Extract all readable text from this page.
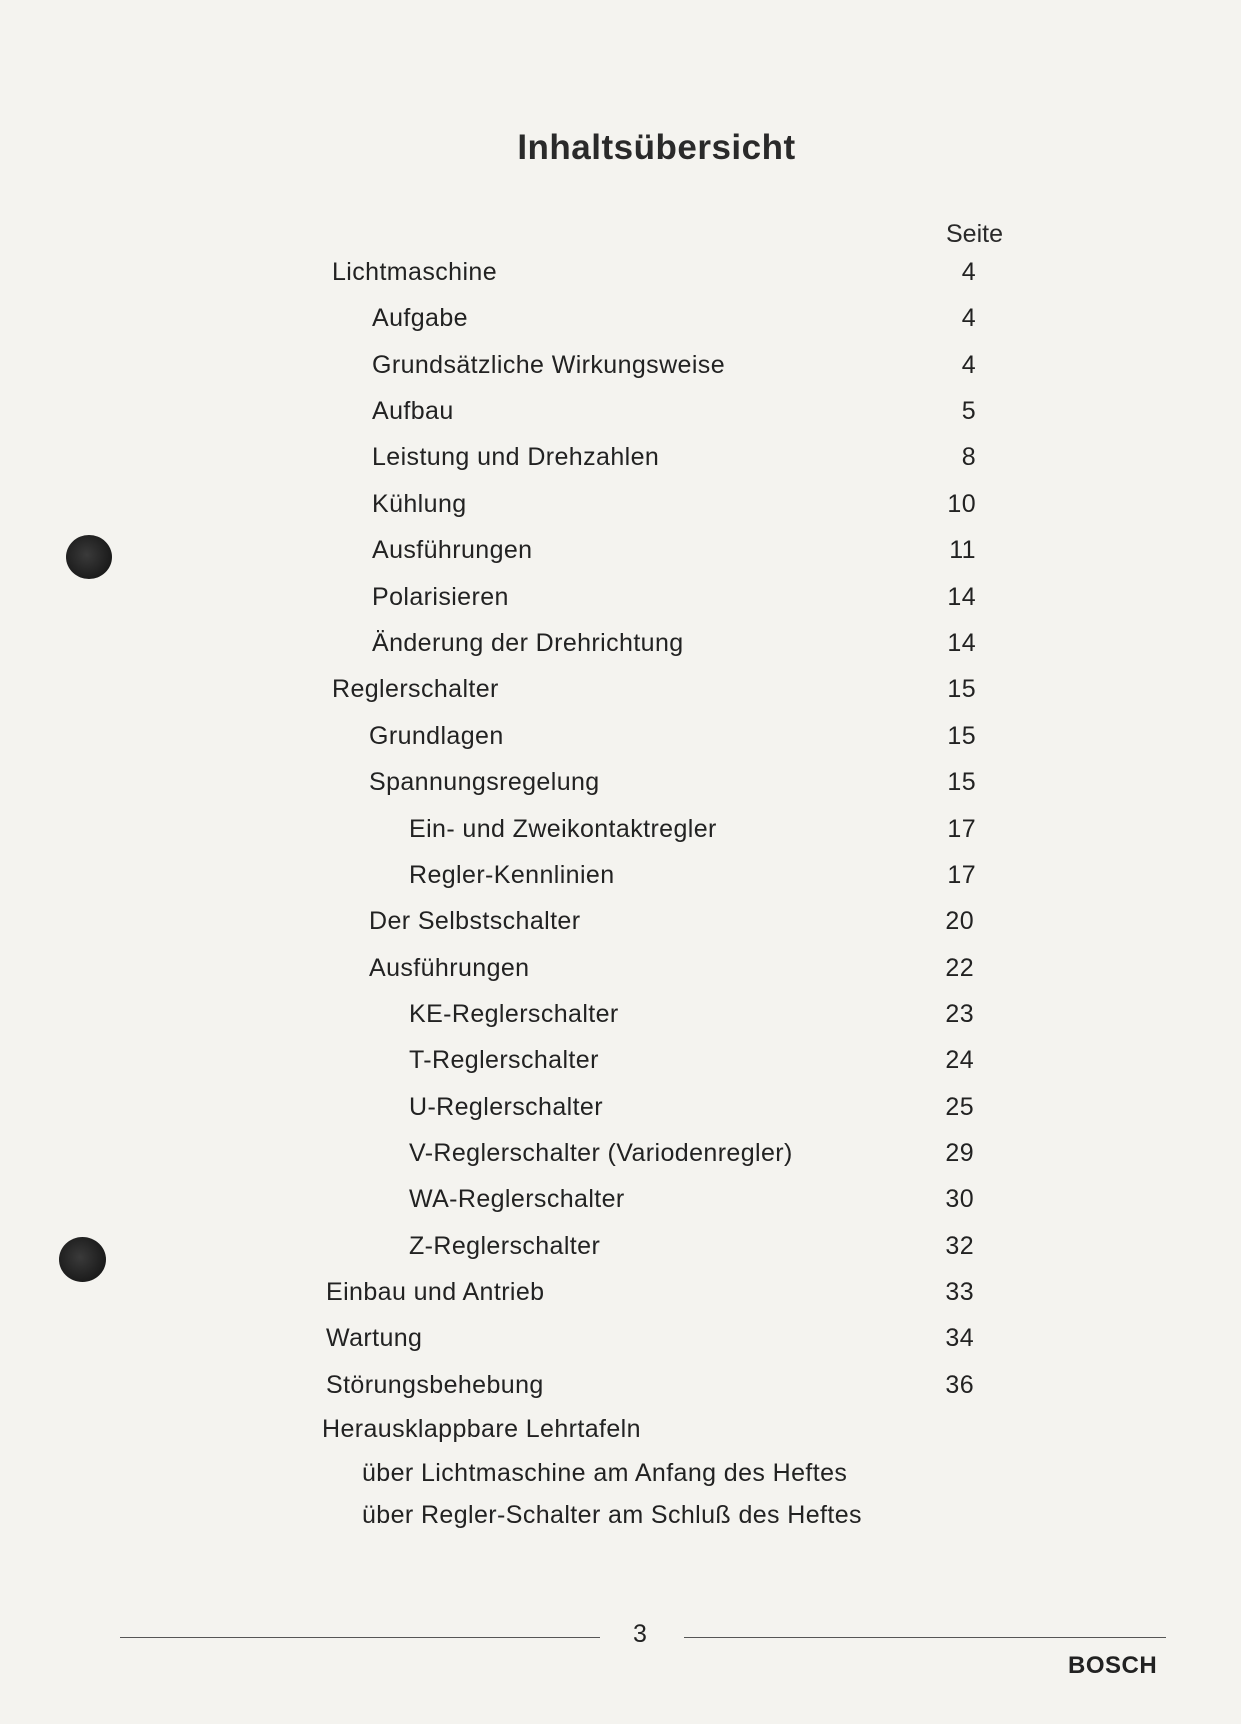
Inhaltsübersicht
Seite
Lichtmaschine	4
Aufgabe	4
Grundsätzliche Wirkungsweise	4
Aufbau	5
Leistung und Drehzahlen	8
Kühlung	10
Ausführungen	11
Polarisieren	14
Änderung der Drehrichtung	14
Reglerschalter	15
Grundlagen	15
Spannungsregelung	15
Ein- und Zweikontaktregler	17
Regler-Kennlinien	17
Der Selbstschalter	20
Ausführungen	22
KE-Reglerschalter	23
T-Reglerschalter	24
U-Reglerschalter	25
V-Reglerschalter (Variodenregler)	29
WA-Reglerschalter	30
Z-Reglerschalter	32
Einbau und Antrieb	33
Wartung	34
Störungsbehebung	36
Herausklappbare Lehrtafeln
über Lichtmaschine am Anfang des Heftes
über Regler-Schalter am Schluß des Heftes
3
BOSCH
